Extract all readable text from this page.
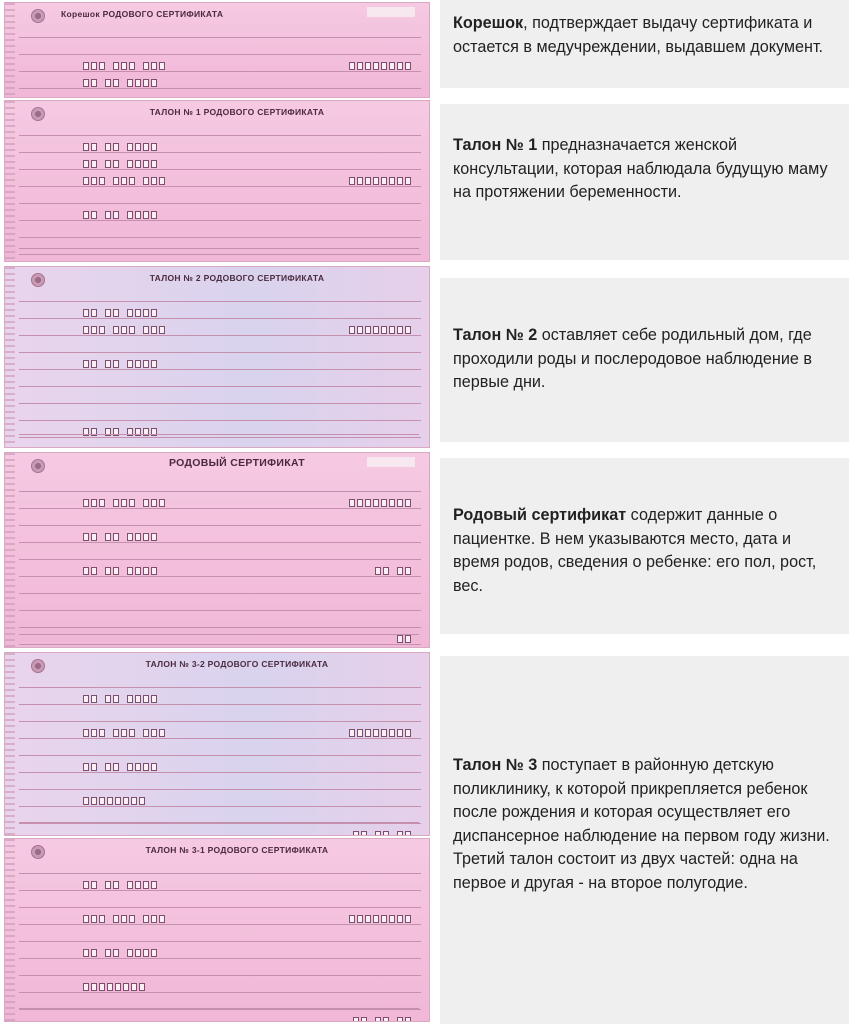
Корешок РОДОВОГО СЕРТИФИКАТА
ТАЛОН № 1 РОДОВОГО СЕРТИФИКАТА
ТАЛОН № 2 РОДОВОГО СЕРТИФИКАТА
РОДОВЫЙ СЕРТИФИКАТ
ТАЛОН № 3-2 РОДОВОГО СЕРТИФИКАТА
ТАЛОН № 3-1 РОДОВОГО СЕРТИФИКАТА
Корешок, подтверждает выдачу сертификата и остается в медучреждении, выдавшем документ.
Талон № 1 предназначается женской консультации, которая наблюдала будущую маму на протяжении беременности.
Талон № 2 оставляет себе родильный дом, где проходили роды и послеродовое наблюдение в первые дни.
Родовый сертификат содержит данные о пациентке. В нем указываются место, дата и время родов, сведения о ребенке: его пол, рост, вес.
Талон № 3 поступает в районную детскую поликлинику, к которой прикрепляется ребенок после рождения и которая осуществляет его диспансерное наблюдение на первом году жизни. Третий талон состоит из двух частей: одна на первое и другая - на второе полугодие.
